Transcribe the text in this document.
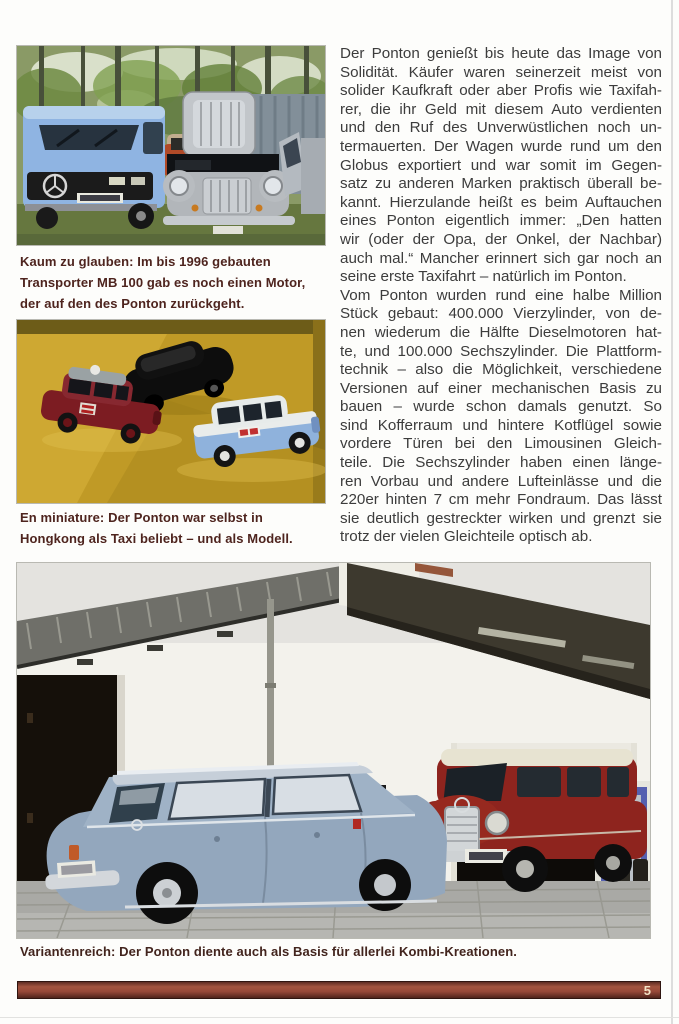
Kaum zu glauben: Im bis 1996 gebauten Transporter MB 100 gab es noch einen Motor, der auf den des Ponton zurückgeht.
En miniature: Der Ponton war selbst in Hongkong als Taxi beliebt – und als Modell.
Der Ponton genießt bis heute das Image von
Solidität. Käufer waren seinerzeit meist von
solider Kaufkraft oder aber Profis wie Taxifah-
rer, die ihr Geld mit diesem Auto verdienten
und den Ruf des Unverwüstlichen noch un-
termauerten. Der Wagen wurde rund um den
Globus exportiert und war somit im Gegen-
satz zu anderen Marken praktisch überall be-
kannt. Hierzulande heißt es beim Auftauchen
eines Ponton eigentlich immer: „Den hatten
wir (oder der Opa, der Onkel, der Nachbar)
auch mal.“ Mancher erinnert sich gar noch an
seine erste Taxifahrt – natürlich im Ponton.
Vom Ponton wurden rund eine halbe Million
Stück gebaut: 400.000 Vierzylinder, von de-
nen wiederum die Hälfte Dieselmotoren hat-
te, und 100.000 Sechszylinder. Die Plattform-
technik – also die Möglichkeit, verschiedene
Versionen auf einer mechanischen Basis zu
bauen – wurde schon damals genutzt. So
sind Kofferraum und hintere Kotflügel sowie
vordere Türen bei den Limousinen Gleich-
teile. Die Sechszylinder haben einen länge-
ren Vorbau und andere Lufteinlässe und die
220er hinten 7 cm mehr Fondraum. Das lässt
sie deutlich gestreckter wirken und grenzt sie
trotz der vielen Gleichteile optisch ab.
Variantenreich: Der Ponton diente auch als Basis für allerlei Kombi-Kreationen.
5
